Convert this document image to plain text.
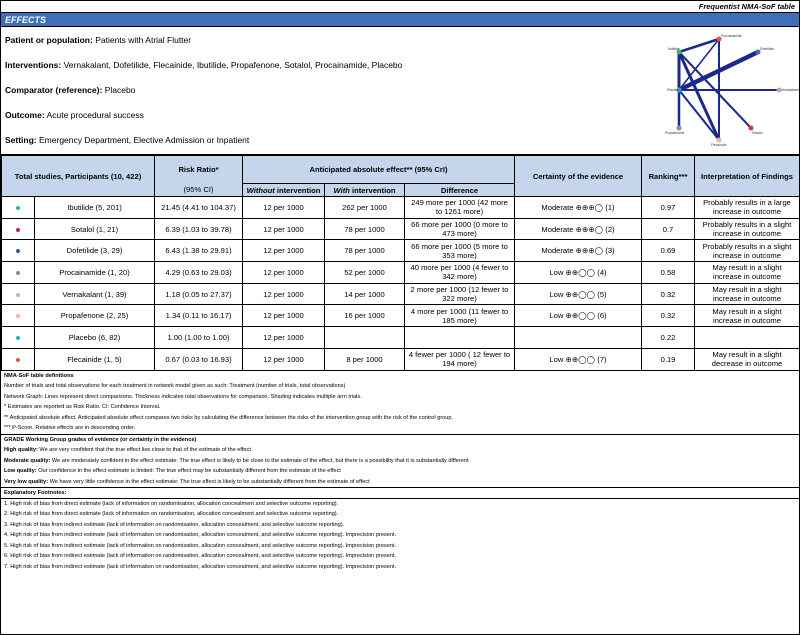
Frequentist NMA-SoF table
EFFECTS
Patient or population: Patients with Atrial Flutter
Interventions: Vernakalant, Dofetilide, Flecainide, Ibutilide, Propafenone, Sotalol, Procainamide, Placebo
Comparator (reference): Placebo
Outcome: Acute procedural success
Setting: Emergency Department, Elective Admission or Inpatient
Procainamide
Ibutilide	Dofetilide
Placebo	Vernakalant
Propafenone	Sotalol
Flecainide
Total studies, Participants (10, 422)		Risk Ratio*	Anticipated absolute effect** (95% CrI)			Certainty of the evidence	Ranking***	Interpretation of Findings
		(95% CI)	Without intervention	With intervention	Difference			
	Ibutilide (5, 201)	21.45 (4.41 to 104.37)	12 per 1000	262 per 1000	249 more per 1000 (42 more to 1261 more)	Moderate ⊕⊕⊕◯ (1)	0.97	Probably results in a large increase in outcome
	Sotalol (1, 21)	6.39 (1.03 to 39.78)	12 per 1000	78 per 1000	66 more per 1000 (0 more to 473 more)	Moderate ⊕⊕⊕◯ (2)	0.7	Probably results in a slight increase in outcome
	Dofetilide (3, 29)	6.43 (1.38 to 29.91)	12 per 1000	78 per 1000	66 more per 1000 (5 more to 353 more)	Moderate ⊕⊕⊕◯ (3)	0.69	Probably results in a slight increase in outcome
	Procainamide (1, 20)	4.29 (0.63 to 29.03)	12 per 1000	52 per 1000	40 more per 1000 (4 fewer to 342 more)	Low ⊕⊕◯◯ (4)	0.58	May result in a slight increase in outcome
	Vernakalant (1, 39)	1.18 (0.05 to 27.37)	12 per 1000	14 per 1000	2 more per 1000 (12 fewer to 322 more)	Low ⊕⊕◯◯ (5)	0.32	May result in a slight increase in outcome
	Propafenone (2, 25)	1.34 (0.11 to 16.17)	12 per 1000	16 per 1000	4 more per 1000 (11 fewer to 185 more)	Low ⊕⊕◯◯ (6)	0.32	May result in a slight increase in outcome
	Placebo (6, 82)	1.00 (1.00 to 1.00)	12 per 1000				0.22	
	Flecainide (1, 5)	0.67 (0.03 to 16.93)	12 per 1000	8 per 1000	4 fewer per 1000 ( 12 fewer to 194 more)	Low ⊕⊕◯◯ (7)	0.19	May result in a slight decrease in outcome
NMA-SoF table definitions
Number of trials and total observations for each treatment in network model given as such: Treatment (number of trials, total observations)
Network Graph: Lines represent direct comparisons. Thickness indicates total observations for comparison. Shading indicates multiple arm trials.
* Estimates are reported as Risk Ratio. CI: Confidence Interval.
** Anticipated absolute effect. Anticipated absolute effect compares two risks by calculating the difference between the risks of the intervention group with the risk of the control group.
*** P-Score. Relative effects are in descending order.
GRADE Working Group grades of evidence (or certainty in the evidence)
High quality: We are very confident that the true effect lies close to that of the estimate of the effect
Moderate quality: We are moderately confident in the effect estimate: The true effect is likely to be close to the estimate of the effect, but there is a possibility that it is substantially different
Low quality: Our confidence in the effect estimate is limited: The true effect may be substantially different from the estimate of the effect
Very low quality: We have very little confidence in the effect estimate: The true effect is likely to be substantially different from the estimate of effect
Explanatory Footnotes:
1. High risk of bias from direct estimate (lack of information on randomisation, allocation concealment and selective outcome reporting).
2. High risk of bias from direct estimate (lack of information on randomisation, allocation concealment and selective outcome reporting).
3. High risk of bias from indirect estimate (lack of information on randomisation, allocation concealment, and selective outcome reporting).
4. High risk of bias from indirect estimate (lack of information on randomisation, allocation concealment, and selective outcome reporting). Imprecision present.
5. High risk of bias from indirect estimate (lack of information on randomisation, allocation concealment, and selective outcome reporting). Imprecision present.
6. High risk of bias from indirect estimate (lack of information on randomisation, allocation concealment, and selective outcome reporting). Imprecision present.
7. High risk of bias from indirect estimate (lack of information on randomisation, allocation concealment, and selective outcome reporting). Imprecision present.
